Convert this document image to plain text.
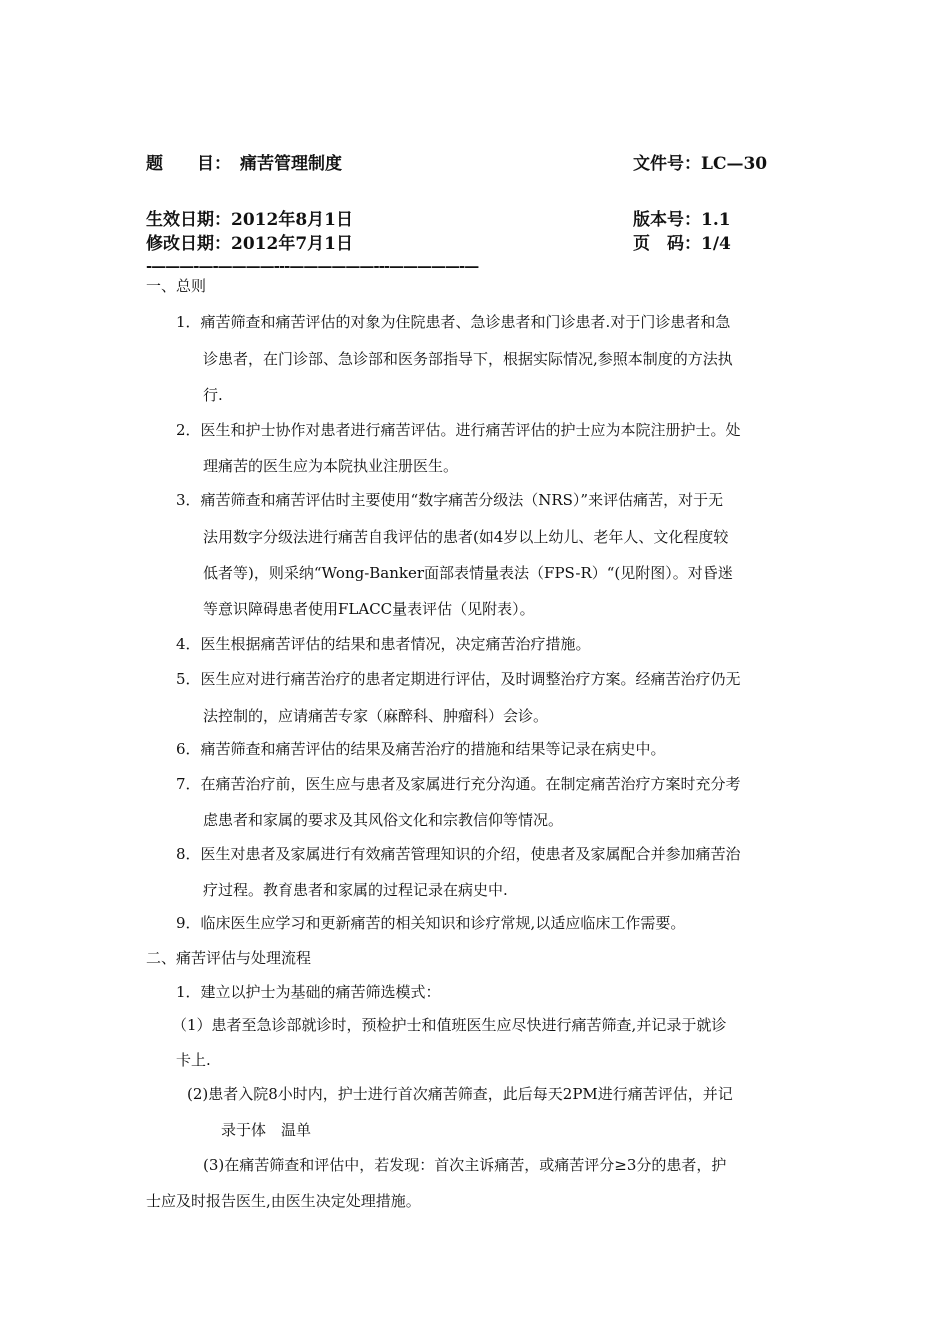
题　　目： 痛苦管理制度	文件号：LC—30
生效日期：2012年8月1日	版本号：1.1
修改日期：2012年7月1日	页　码：1/4
-———-—-————---——————---—————-—
一、总则
1．痛苦筛查和痛苦评估的对象为住院患者、急诊患者和门诊患者.对于门诊患者和急
诊患者，在门诊部、急诊部和医务部指导下，根据实际情况,参照本制度的方法执
行.
2．医生和护士协作对患者进行痛苦评估。进行痛苦评估的护士应为本院注册护士。处
理痛苦的医生应为本院执业注册医生。
3．痛苦筛查和痛苦评估时主要使用“数字痛苦分级法（NRS）”来评估痛苦，对于无
法用数字分级法进行痛苦自我评估的患者(如4岁以上幼儿、老年人、文化程度较
低者等)，则采纳“Wong-Banker面部表情量表法（FPS-R）“(见附图）。对昏迷
等意识障碍患者使用FLACC量表评估（见附表）。
4．医生根据痛苦评估的结果和患者情况，决定痛苦治疗措施。
5．医生应对进行痛苦治疗的患者定期进行评估，及时调整治疗方案。经痛苦治疗仍无
法控制的，应请痛苦专家（麻醉科、肿瘤科）会诊。
6．痛苦筛查和痛苦评估的结果及痛苦治疗的措施和结果等记录在病史中。
7．在痛苦治疗前，医生应与患者及家属进行充分沟通。在制定痛苦治疗方案时充分考
虑患者和家属的要求及其风俗文化和宗教信仰等情况。
8．医生对患者及家属进行有效痛苦管理知识的介绍，使患者及家属配合并参加痛苦治
疗过程。教育患者和家属的过程记录在病史中.
9．临床医生应学习和更新痛苦的相关知识和诊疗常规,以适应临床工作需要。
二、痛苦评估与处理流程
1．建立以护士为基础的痛苦筛选模式：
（1）患者至急诊部就诊时，预检护士和值班医生应尽快进行痛苦筛查,并记录于就诊
卡上.
(2)患者入院8小时内，护士进行首次痛苦筛查，此后每天2PM进行痛苦评估，并记
录于体　温单
(3)在痛苦筛查和评估中，若发现：首次主诉痛苦，或痛苦评分≥3分的患者，护
士应及时报告医生,由医生决定处理措施。
